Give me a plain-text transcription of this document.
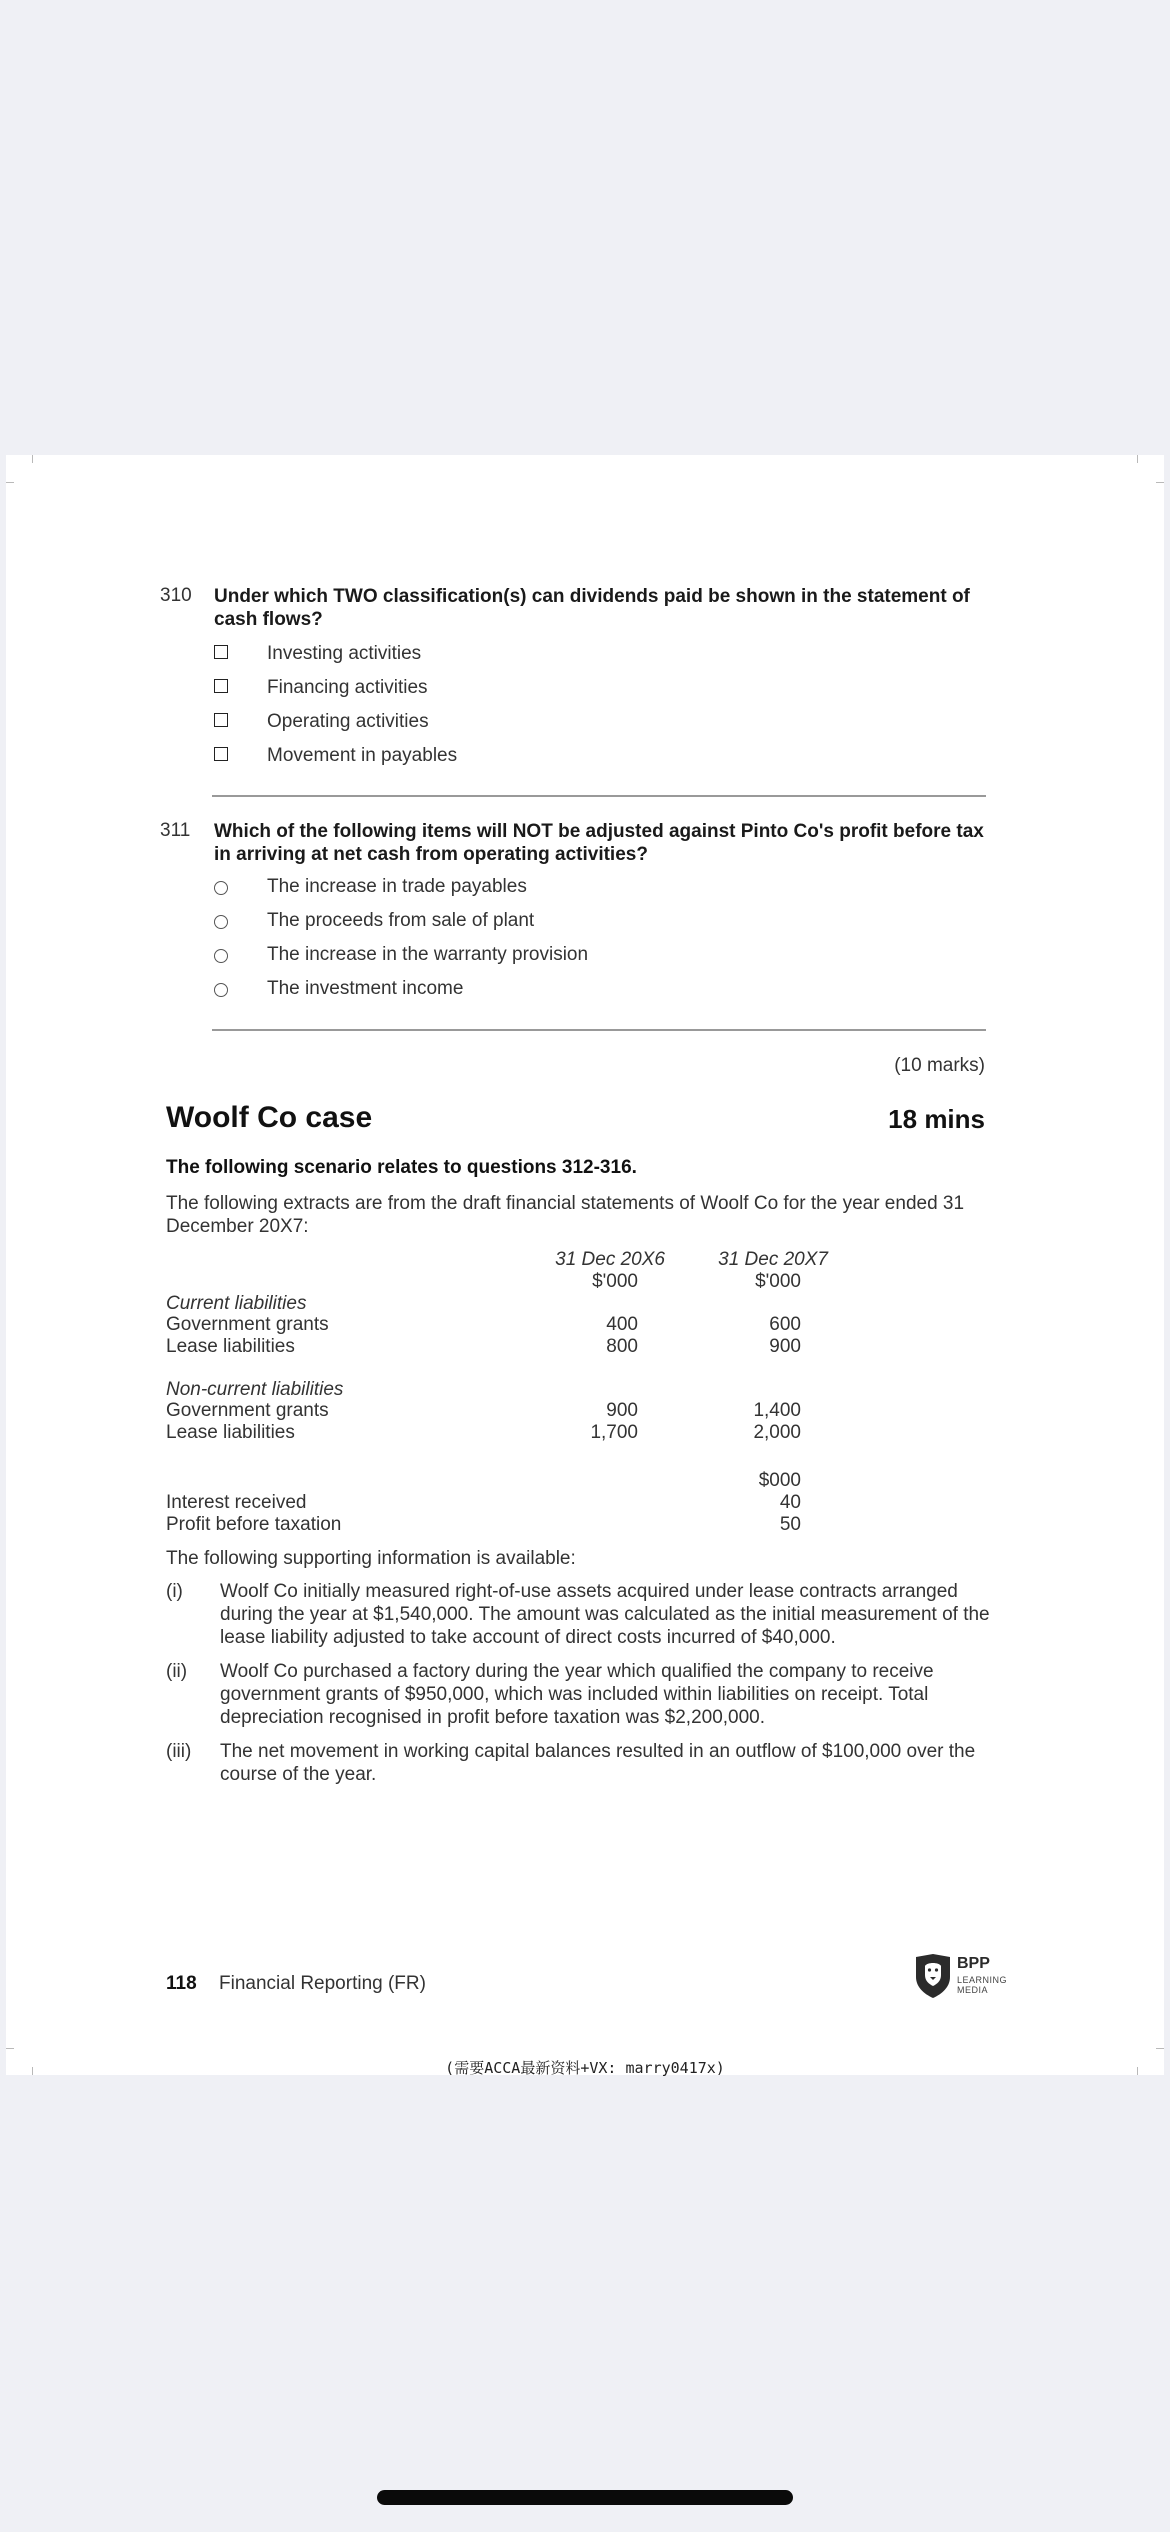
310 Under which TWO classification(s) can dividends paid be shown in the statement of cash flows?
Investing activities
Financing activities
Operating activities
Movement in payables
311 Which of the following items will NOT be adjusted against Pinto Co's profit before tax in arriving at net cash from operating activities?
The increase in trade payables
The proceeds from sale of plant
The increase in the warranty provision
The investment income
(10 marks)
Woolf Co case	18 mins
The following scenario relates to questions 312-316.
The following extracts are from the draft financial statements of Woolf Co for the year ended 31 December 20X7:
31 Dec 20X6	31 Dec 20X7
$'000	$'000
Current liabilities
Government grants	400	600
Lease liabilities	800	900
Non-current liabilities
Government grants	900	1,400
Lease liabilities	1,700	2,000
$000
Interest received	40
Profit before taxation	50
The following supporting information is available:
(i) Woolf Co initially measured right-of-use assets acquired under lease contracts arranged during the year at $1,540,000. The amount was calculated as the initial measurement of the lease liability adjusted to take account of direct costs incurred of $40,000.
(ii) Woolf Co purchased a factory during the year which qualified the company to receive government grants of $950,000, which was included within liabilities on receipt. Total depreciation recognised in profit before taxation was $2,200,000.
(iii) The net movement in working capital balances resulted in an outflow of $100,000 over the course of the year.
118 Financial Reporting (FR)
BPP
LEARNING
MEDIA
(需要ACCA最新资料+VX: marry0417x)
